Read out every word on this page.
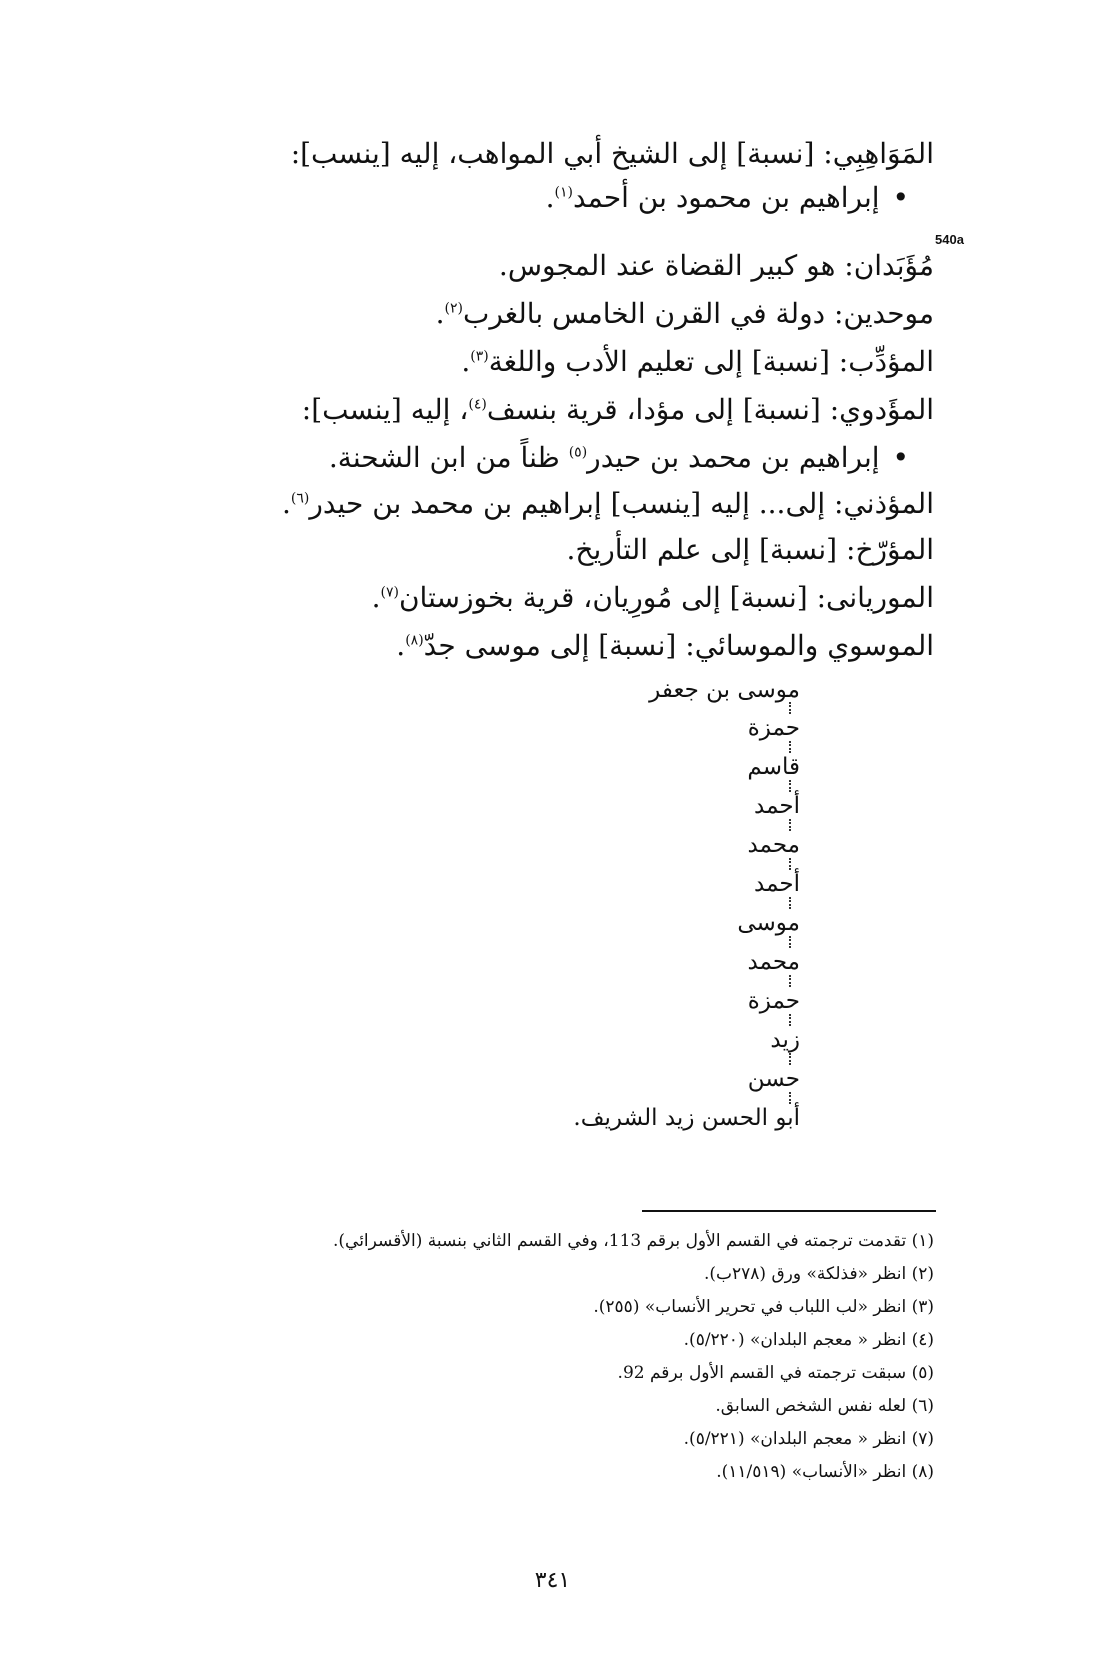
المَوَاهِبِي: [نسبة] إلى الشيخ أبي المواهب، إليه [ينسب]:
• إبراهيم بن محمود بن أحمد$^{(١)}$.
540a
مُؤَبَدان: هو كبير القضاة عند المجوس.
موحدين: دولة في القرن الخامس بالغرب$^{(٢)}$.
المؤدِّب: [نسبة] إلى تعليم الأدب واللغة$^{(٣)}$.
المؤَدوي: [نسبة] إلى مؤدا، قرية بنسف$^{(٤)}$، إليه [ينسب]:
• إبراهيم بن محمد بن حيدر$^{(٥)}$ ظناً من ابن الشحنة.
المؤذني: إلى... إليه [ينسب] إبراهيم بن محمد بن حيدر$^{(٦)}$.
المؤرّخ: [نسبة] إلى علم التأريخ.
الموريانى: [نسبة] إلى مُورِيان، قرية بخوزستان$^{(٧)}$.
الموسوي والموسائي: [نسبة] إلى موسى جدّ$^{(٨)}$.
موسى بن جعفر
حمزة
قاسم
أحمد
محمد
أحمد
موسى
محمد
حمزة
زيد
حسن
أبو الحسن زيد الشريف.
(١) تقدمت ترجمته في القسم الأول برقم 113، وفي القسم الثاني بنسبة (الأقسرائي).
(٢) انظر «فذلكة» ورق (٢٧٨ب).
(٣) انظر «لب اللباب في تحرير الأنساب» (٢٥٥).
(٤) انظر « معجم البلدان» (٥/٢٢٠).
(٥) سبقت ترجمته في القسم الأول برقم 92.
(٦) لعله نفس الشخص السابق.
(٧) انظر « معجم البلدان» (٥/٢٢١).
(٨) انظر «الأنساب» (١١/٥١٩).
٣٤١
